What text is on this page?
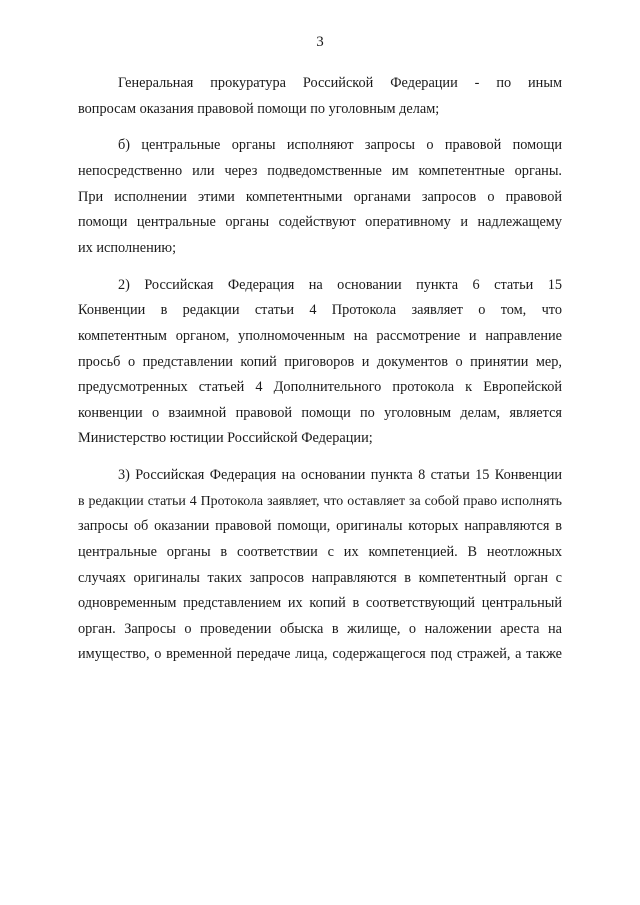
3

Генеральная прокуратура Российской Федерации - по иным
вопросам оказания правовой помощи по уголовным делам;

б) центральные органы исполняют запросы о правовой помощи
непосредственно или через подведомственные им компетентные органы.
При исполнении этими компетентными органами запросов о правовой
помощи центральные органы содействуют оперативному и надлежащему
их исполнению;

2) Российская Федерация на основании пункта 6 статьи 15
Конвенции в редакции статьи 4 Протокола заявляет о том, что
компетентным органом, уполномоченным на рассмотрение и направление
просьб о представлении копий приговоров и документов о принятии мер,
предусмотренных статьей 4 Дополнительного протокола к Европейской
конвенции о взаимной правовой помощи по уголовным делам, является
Министерство юстиции Российской Федерации;

3) Российская Федерация на основании пункта 8 статьи 15 Конвенции
в редакции статьи 4 Протокола заявляет, что оставляет за собой право исполнять
запросы об оказании правовой помощи, оригиналы которых направляются в
центральные органы в соответствии с их компетенцией. В неотложных
случаях оригиналы таких запросов направляются в компетентный орган с
одновременным представлением их копий в соответствующий центральный
орган. Запросы о проведении обыска в жилище, о наложении ареста на
имущество, о временной передаче лица, содержащегося под стражей, а также
